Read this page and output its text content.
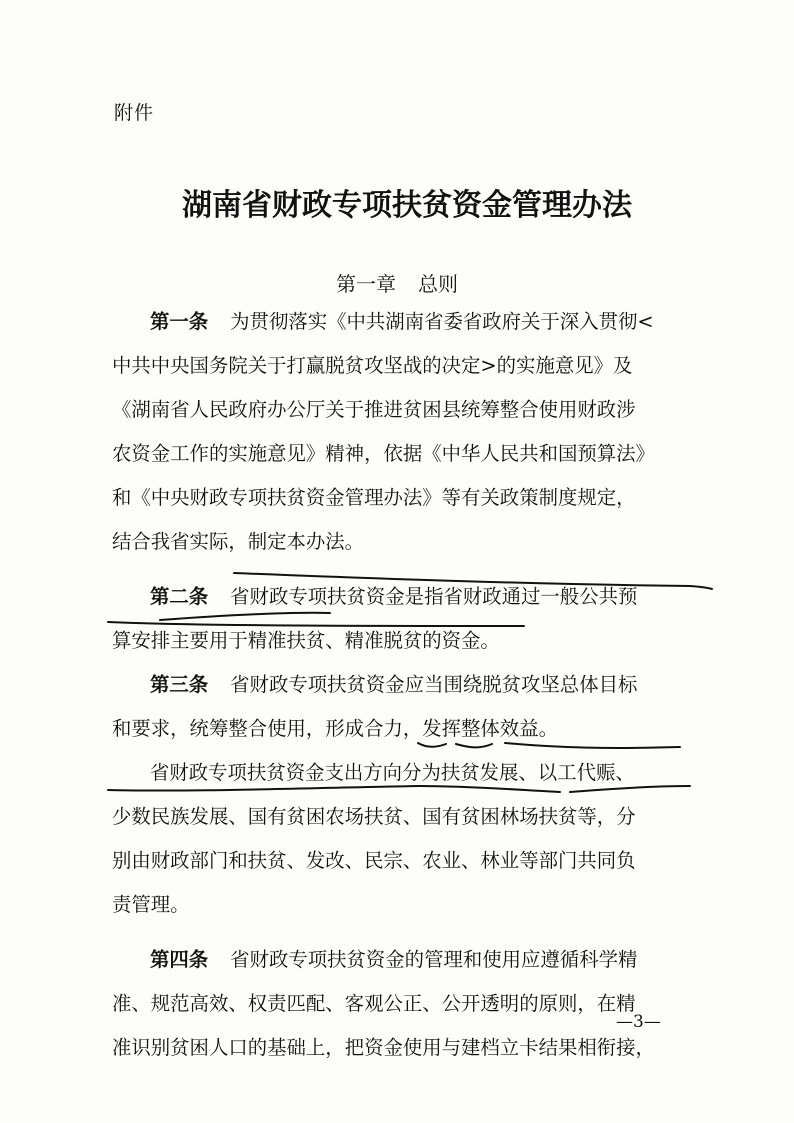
附件
湖南省财政专项扶贫资金管理办法
第一章 总则
第一条 为贯彻落实《中共湖南省委省政府关于深入贯彻<
中共中央国务院关于打赢脱贫攻坚战的决定>的实施意见》及
《湖南省人民政府办公厅关于推进贫困县统筹整合使用财政涉
农资金工作的实施意见》精神，依据《中华人民共和国预算法》
和《中央财政专项扶贫资金管理办法》等有关政策制度规定，
结合我省实际，制定本办法。
第二条 省财政专项扶贫资金是指省财政通过一般公共预
算安排主要用于精准扶贫、精准脱贫的资金。
第三条 省财政专项扶贫资金应当围绕脱贫攻坚总体目标
和要求，统筹整合使用，形成合力，发挥整体效益。
省财政专项扶贫资金支出方向分为扶贫发展、以工代赈、
少数民族发展、国有贫困农场扶贫、国有贫困林场扶贫等，分
别由财政部门和扶贫、发改、民宗、农业、林业等部门共同负
责管理。
第四条 省财政专项扶贫资金的管理和使用应遵循科学精
准、规范高效、权责匹配、客观公正、公开透明的原则，在精
准识别贫困人口的基础上，把资金使用与建档立卡结果相衔接，
—3—
